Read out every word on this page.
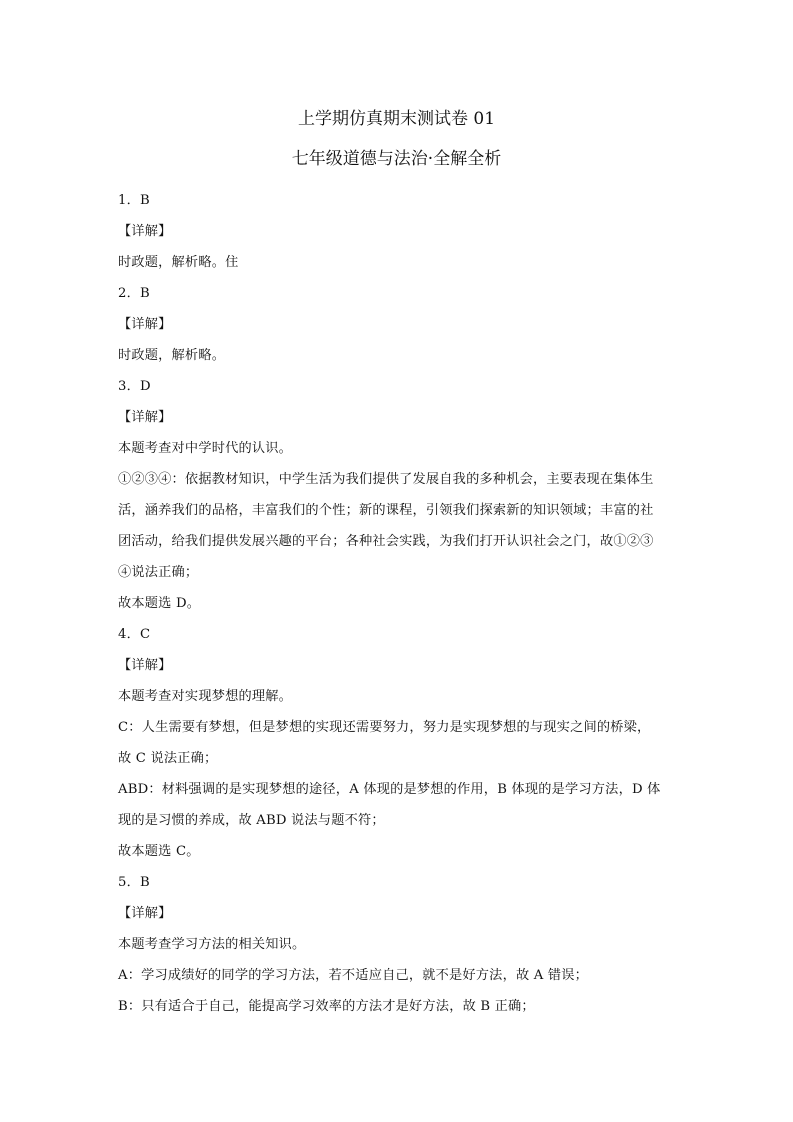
上学期仿真期末测试卷 01
七年级道德与法治·全解全析
1．B
【详解】
时政题，解析略。住
2．B
【详解】
时政题，解析略。
3．D
【详解】
本题考查对中学时代的认识。
①②③④：依据教材知识，中学生活为我们提供了发展自我的多种机会，主要表现在集体生
活，涵养我们的品格，丰富我们的个性；新的课程，引领我们探索新的知识领域；丰富的社
团活动，给我们提供发展兴趣的平台；各种社会实践，为我们打开认识社会之门，故①②③
④说法正确；
故本题选 D。
4．C
【详解】
本题考查对实现梦想的理解。
C：人生需要有梦想，但是梦想的实现还需要努力，努力是实现梦想的与现实之间的桥梁，
故 C 说法正确；
ABD：材料强调的是实现梦想的途径，A 体现的是梦想的作用，B 体现的是学习方法，D 体
现的是习惯的养成，故 ABD 说法与题不符；
故本题选 C。
5．B
【详解】
本题考查学习方法的相关知识。
A：学习成绩好的同学的学习方法，若不适应自己，就不是好方法，故 A 错误；
B：只有适合于自己，能提高学习效率的方法才是好方法，故 B 正确；
